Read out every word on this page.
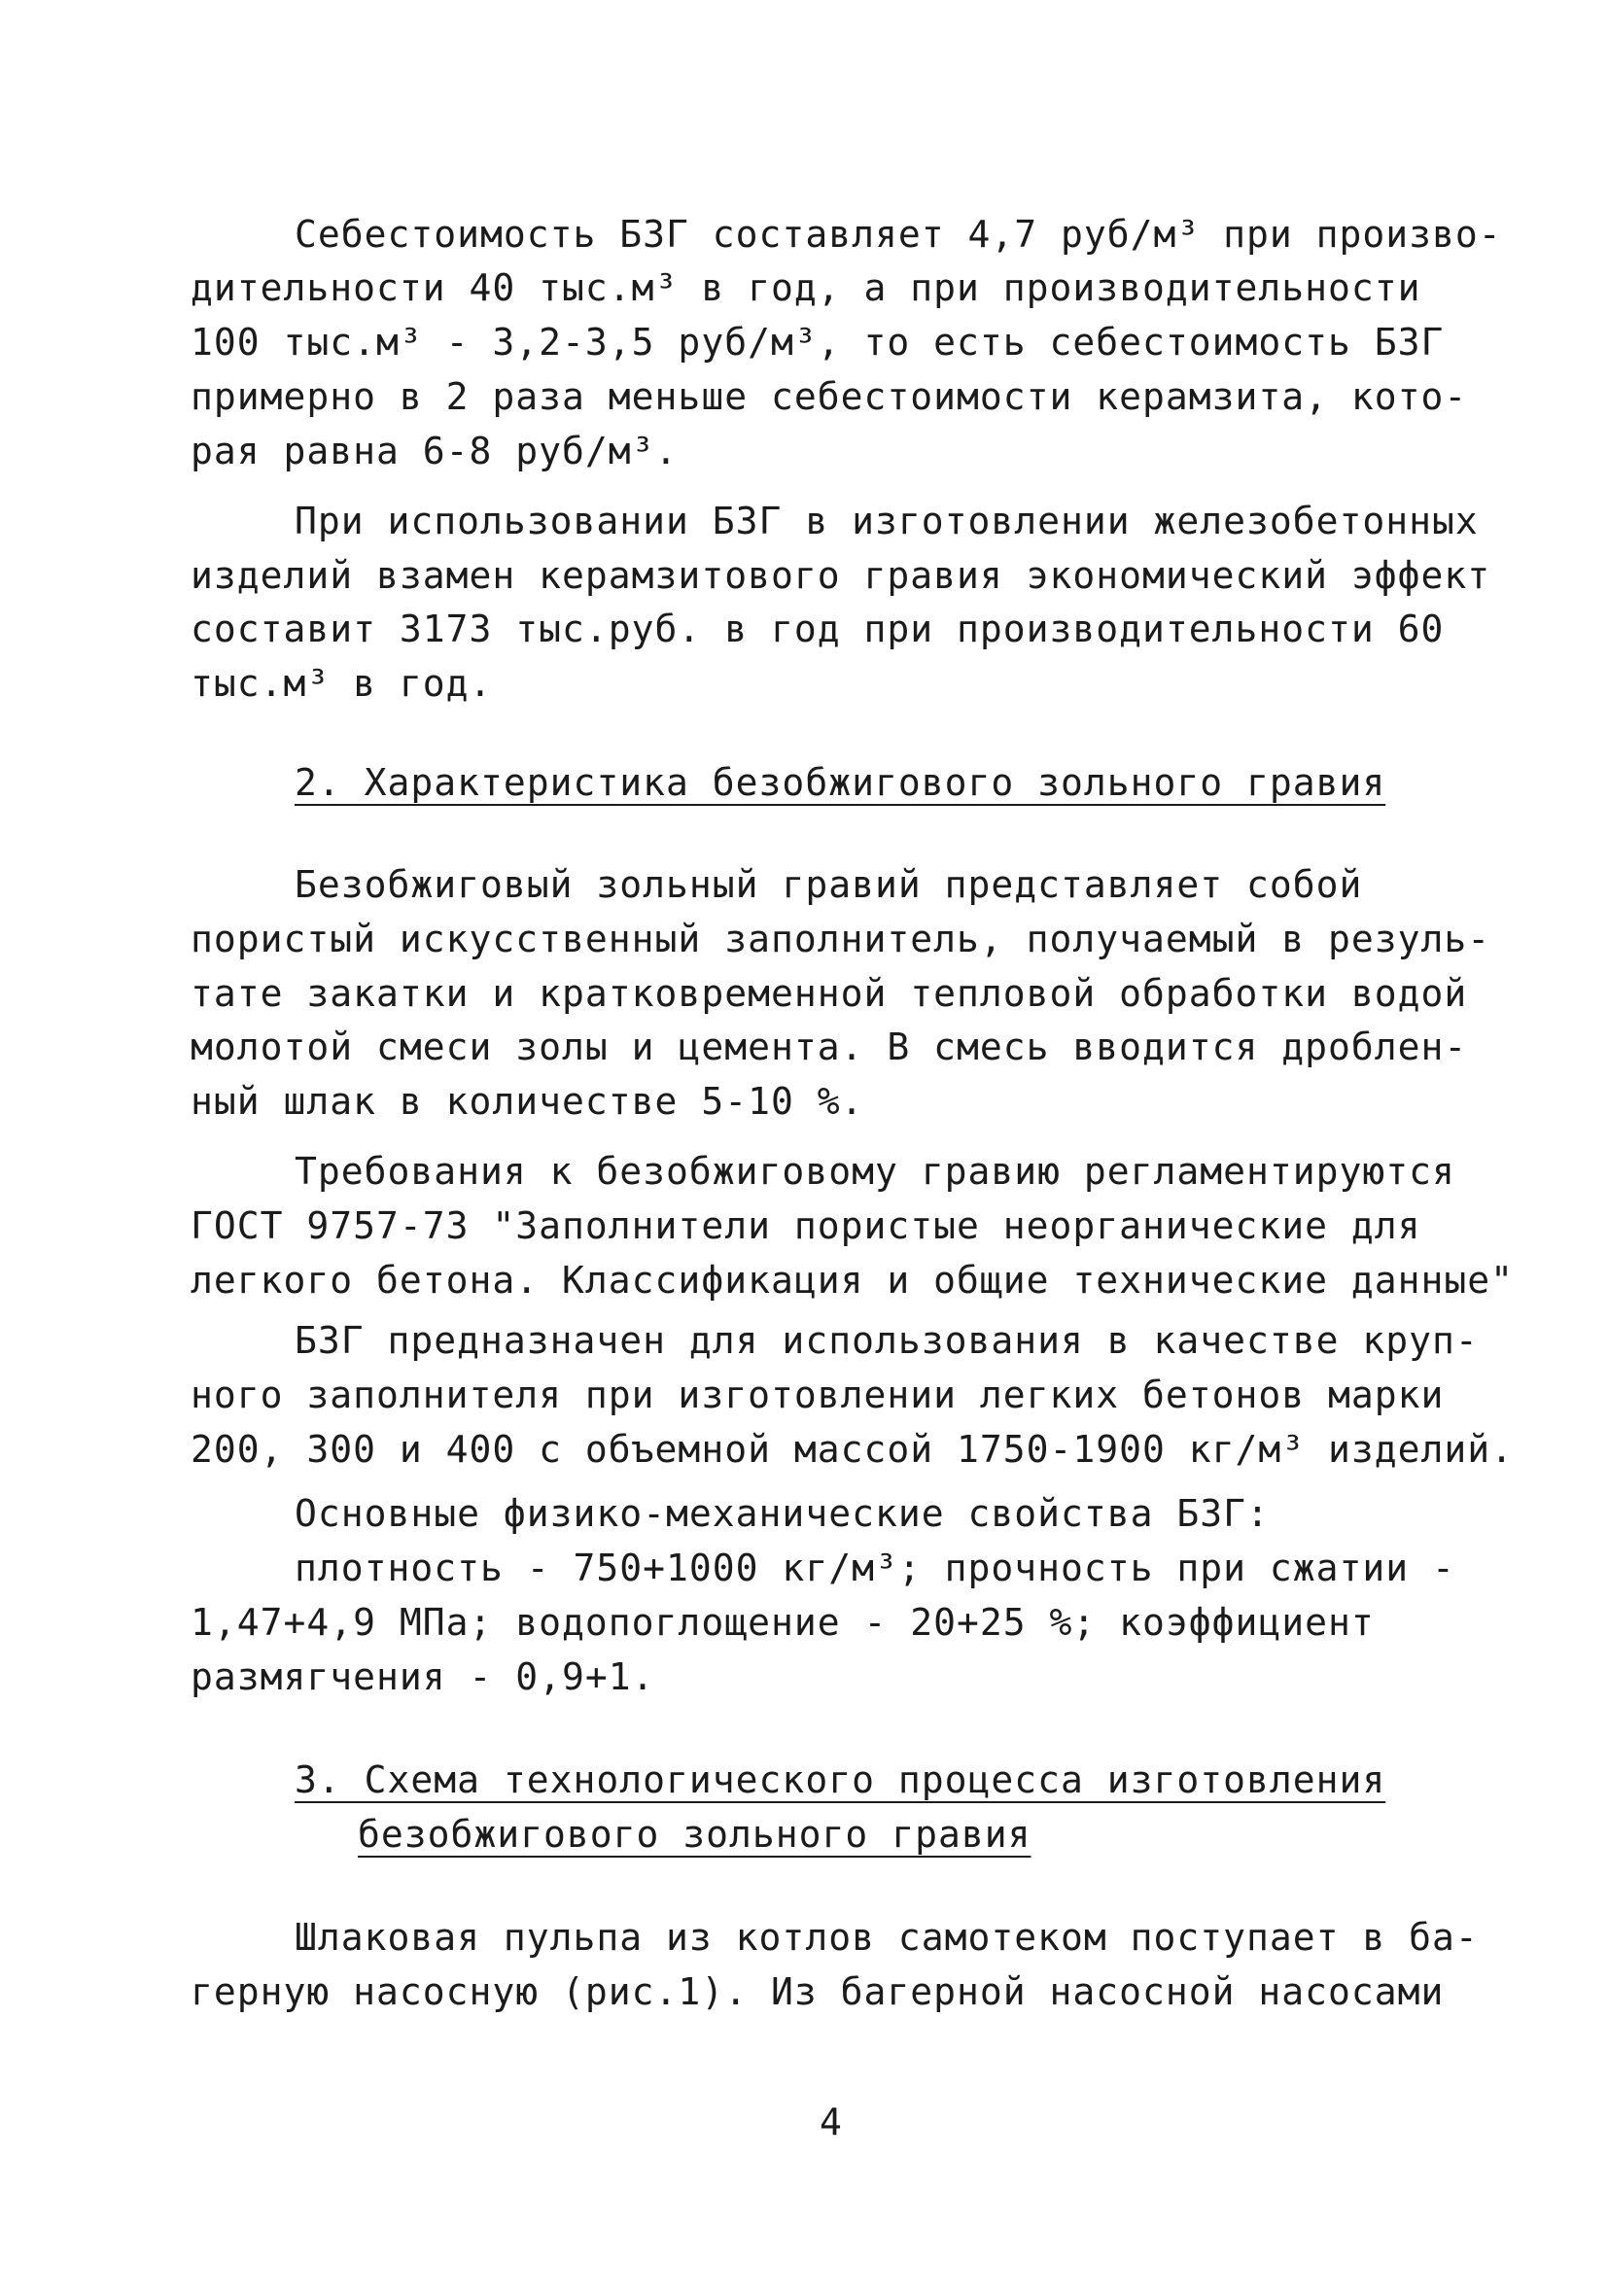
Себестоимость БЗГ составляет 4,7 руб/м³ при произво-
дительности 40 тыс.м³ в год, а при производительности
100 тыс.м³ - 3,2-3,5 руб/м³, то есть себестоимость БЗГ
примерно в 2 раза меньше себестоимости керамзита, кото-
рая равна 6-8 руб/м³.
При использовании БЗГ в изготовлении железобетонных
изделий взамен керамзитового гравия экономический эффект
составит 3173 тыс.руб. в год при производительности 60
тыс.м³ в год.
2. Характеристика безобжигового зольного гравия
Безобжиговый зольный гравий представляет собой
пористый искусственный заполнитель, получаемый в резуль-
тате закатки и кратковременной тепловой обработки водой
молотой смеси золы и цемента. В смесь вводится дроблен-
ный шлак в количестве 5-10 %.
Требования к безобжиговому гравию регламентируются
ГОСТ 9757-73 "Заполнители пористые неорганические для
легкого бетона. Классификация и общие технические данные"
БЗГ предназначен для использования в качестве круп-
ного заполнителя при изготовлении легких бетонов марки
200, 300 и 400 с объемной массой 1750-1900 кг/м³ изделий.
Основные физико-механические свойства БЗГ:
плотность - 750+1000 кг/м³; прочность при сжатии -
1,47+4,9 МПа; водопоглощение - 20+25 %; коэффициент
размягчения - 0,9+1.
3. Схема технологического процесса изготовления
безобжигового зольного гравия
Шлаковая пульпа из котлов самотеком поступает в ба-
герную насосную (рис.1). Из багерной насосной насосами
4
